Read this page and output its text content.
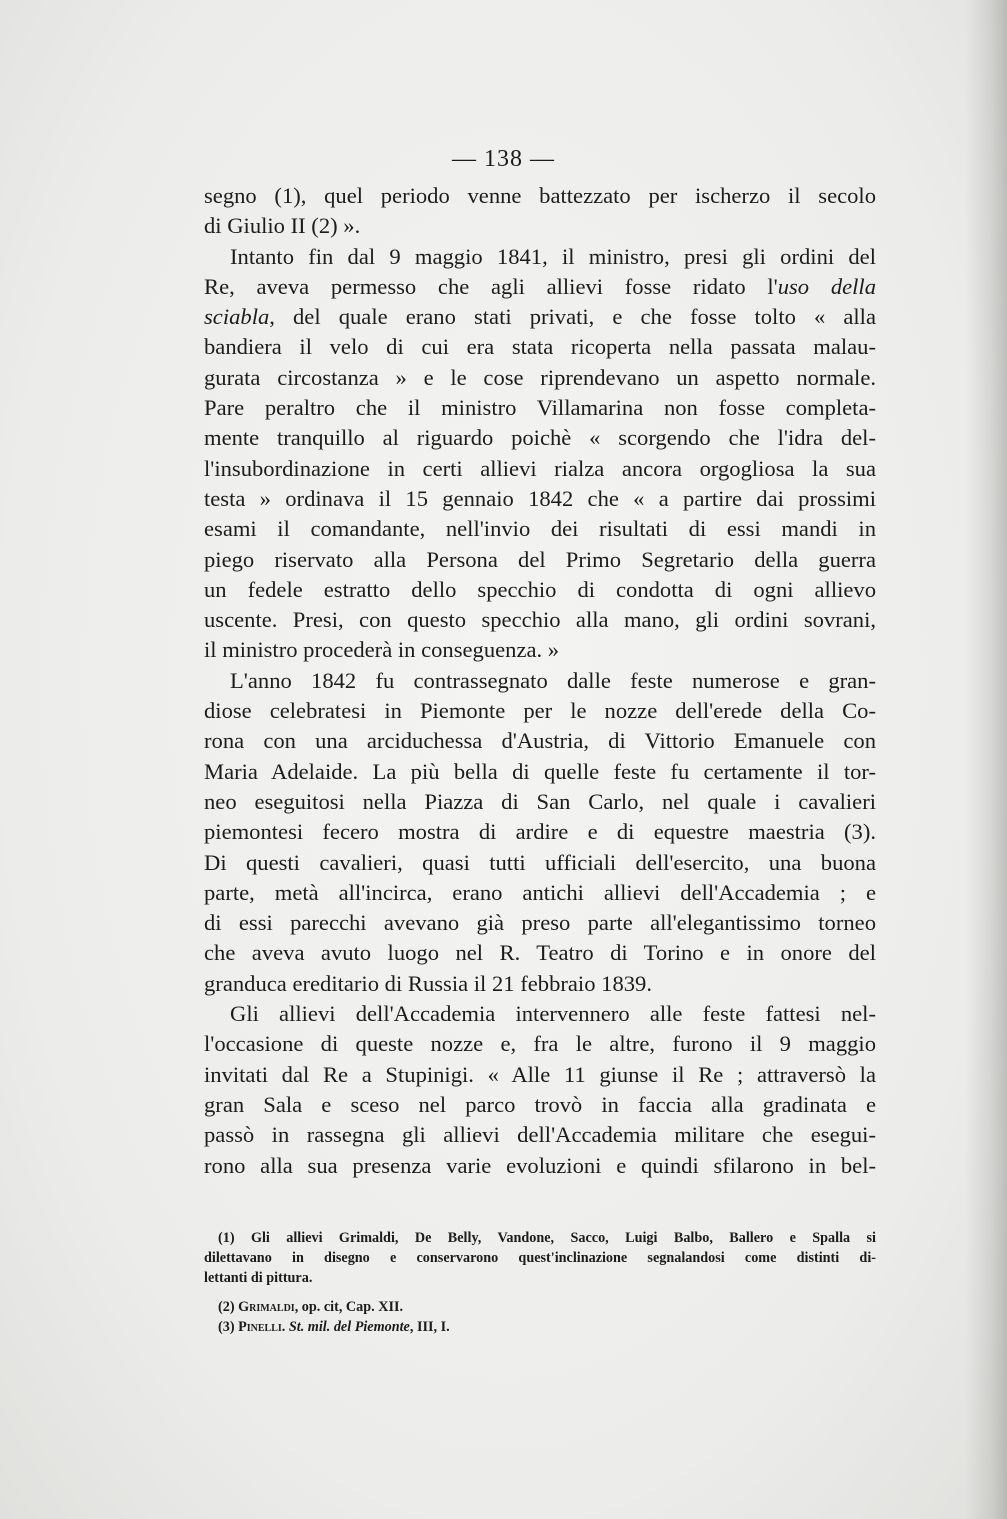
— 138 —
segno (1), quel periodo venne battezzato per ischerzo il secolo
di Giulio II (2) ».
Intanto fin dal 9 maggio 1841, il ministro, presi gli ordini del
Re, aveva permesso che agli allievi fosse ridato l'uso della
sciabla, del quale erano stati privati, e che fosse tolto « alla
bandiera il velo di cui era stata ricoperta nella passata malau-
gurata circostanza » e le cose riprendevano un aspetto normale.
Pare peraltro che il ministro Villamarina non fosse completa-
mente tranquillo al riguardo poichè « scorgendo che l'idra del-
l'insubordinazione in certi allievi rialza ancora orgogliosa la sua
testa » ordinava il 15 gennaio 1842 che « a partire dai prossimi
esami il comandante, nell'invio dei risultati di essi mandi in
piego riservato alla Persona del Primo Segretario della guerra
un fedele estratto dello specchio di condotta di ogni allievo
uscente. Presi, con questo specchio alla mano, gli ordini sovrani,
il ministro procederà in conseguenza. »
L'anno 1842 fu contrassegnato dalle feste numerose e gran-
diose celebratesi in Piemonte per le nozze dell'erede della Co-
rona con una arciduchessa d'Austria, di Vittorio Emanuele con
Maria Adelaide. La più bella di quelle feste fu certamente il tor-
neo eseguitosi nella Piazza di San Carlo, nel quale i cavalieri
piemontesi fecero mostra di ardire e di equestre maestria (3).
Di questi cavalieri, quasi tutti ufficiali dell'esercito, una buona
parte, metà all'incirca, erano antichi allievi dell'Accademia ; e
di essi parecchi avevano già preso parte all'elegantissimo torneo
che aveva avuto luogo nel R. Teatro di Torino e in onore del
granduca ereditario di Russia il 21 febbraio 1839.
Gli allievi dell'Accademia intervennero alle feste fattesi nel-
l'occasione di queste nozze e, fra le altre, furono il 9 maggio
invitati dal Re a Stupinigi. « Alle 11 giunse il Re ; attraversò la
gran Sala e sceso nel parco trovò in faccia alla gradinata e
passò in rassegna gli allievi dell'Accademia militare che esegui-
rono alla sua presenza varie evoluzioni e quindi sfilarono in bel-
(1) Gli allievi Grimaldi, De Belly, Vandone, Sacco, Luigi Balbo, Ballero e Spalla si
dilettavano in disegno e conservarono quest'inclinazione segnalandosi come distinti di-
lettanti di pittura.
(2) Grimaldi, op. cit, Cap. XII.
(3) Pinelli. St. mil. del Piemonte, III, I.
